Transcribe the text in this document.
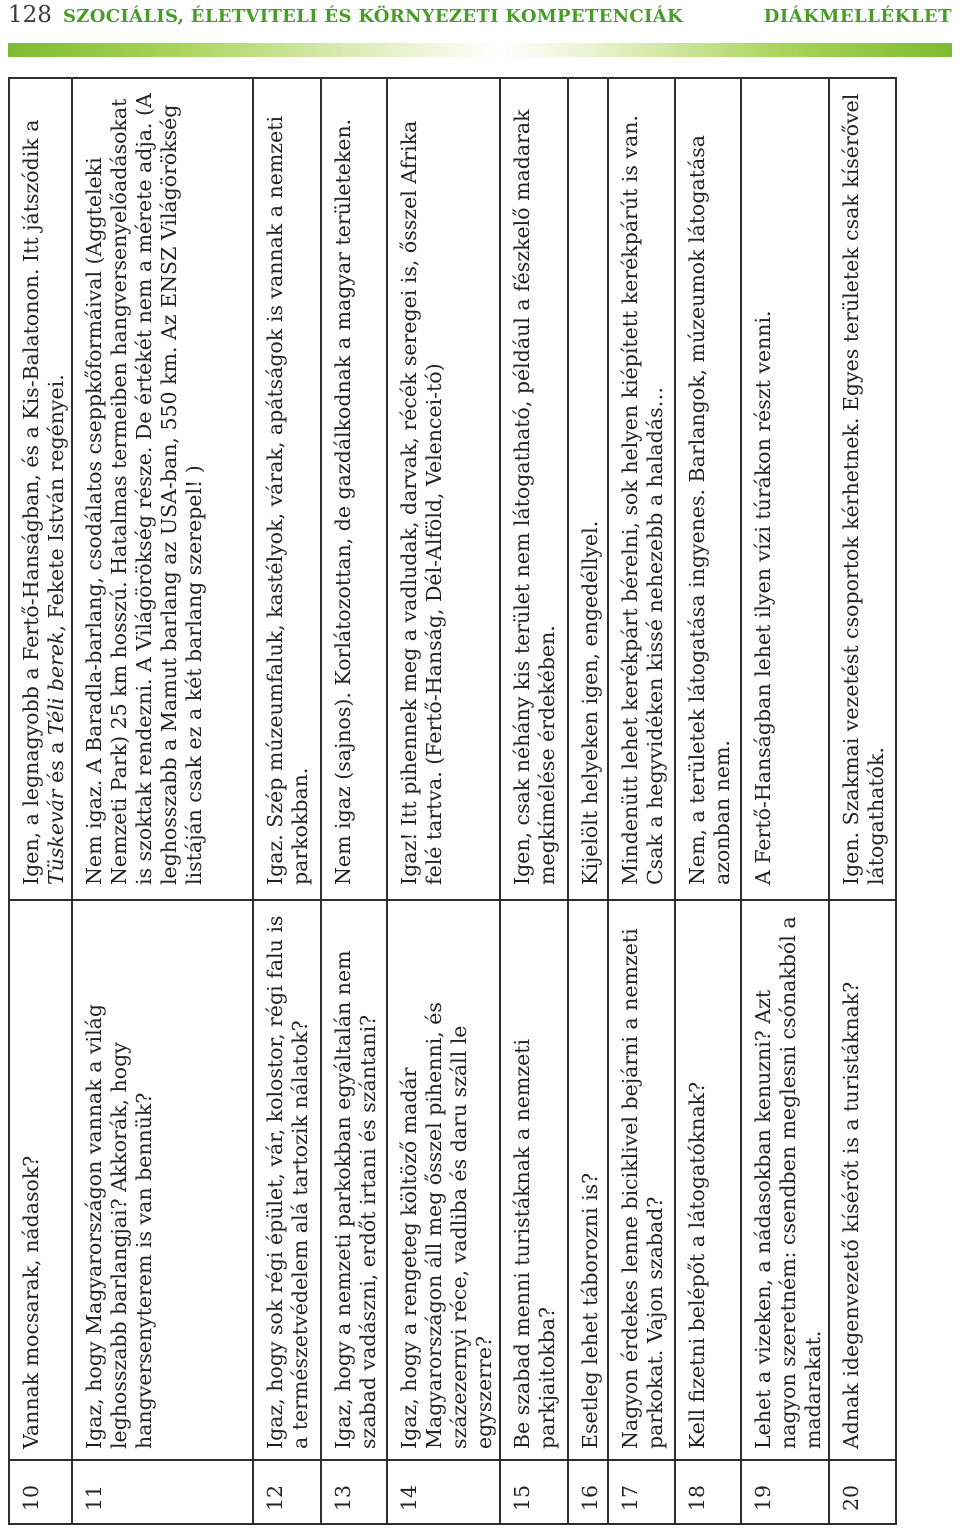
128 SZOCIÁLIS, ÉLETVITELI ÉS KÖRNYEZETI KOMPETENCIÁK	DIÁKMELLÉKLET
10	Vannak mocsarak, nádasok?	Igen, a legnagyobb a Fertő-Hanságban, és a Kis-Balatonon. Itt játszódik a Tüskevár és a Téli berek, Fekete István regényei.
11	Igaz, hogy Magyarországon vannak a világ leghosszabb barlangjai? Akkorák, hogy hangversenyterem is van bennük?	Nem igaz. A Baradla-barlang, csodálatos cseppkőformáival (Aggteleki Nemzeti Park) 25 km hosszú. Hatalmas termeiben hangversenyelőadásokat is szoktak rendezni. A Világörökség része. De értékét nem a mérete adja. (A leghosszabb a Mamut barlang az USA-ban, 550 km. Az ENSZ Világörökség listáján csak ez a két barlang szerepel! )
12	Igaz, hogy sok régi épület, vár, kolostor, régi falu is a természetvédelem alá tartozik nálatok?	Igaz. Szép múzeumfaluk, kastélyok, várak, apátságok is vannak a nemzeti parkokban.
13	Igaz, hogy a nemzeti parkokban egyáltalán nem szabad vadászni, erdőt irtani és szántani?	Nem igaz (sajnos). Korlátozottan, de gazdálkodnak a magyar területeken.
14	Igaz, hogy a rengeteg költöző madár Magyarországon áll meg ősszel pihenni, és százezernyi réce, vadliba és daru száll le egyszerre?	Igaz! Itt pihennek meg a vadludak, darvak, récék seregei is, ősszel Afrika felé tartva. (Fertő-Hanság, Dél-Alföld, Velencei-tó)
15	Be szabad menni turistáknak a nemzeti parkjaitokba?	Igen, csak néhány kis terület nem látogatható, például a fészkelő madarak megkímélése érdekében.
16	Esetleg lehet táborozni is?	Kijelölt helyeken igen, engedéllyel.
17	Nagyon érdekes lenne biciklivel bejárni a nemzeti parkokat. Vajon szabad?	Mindenütt lehet kerékpárt bérelni, sok helyen kiépített kerékpárút is van. Csak a hegyvidéken kissé nehezebb a haladás…
18	Kell fizetni belépőt a látogatóknak?	Nem, a területek látogatása ingyenes. Barlangok, múzeumok látogatása azonban nem.
19	Lehet a vizeken, a nádasokban kenuzni? Azt nagyon szeretném: csendben meglesni csónakból a madarakat.	A Fertő-Hanságban lehet ilyen vízi túrákon részt venni.
20	Adnak idegenvezető kísérőt is a turistáknak?	Igen. Szakmai vezetést csoportok kérhetnek. Egyes területek csak kísérővel látogathatók.
